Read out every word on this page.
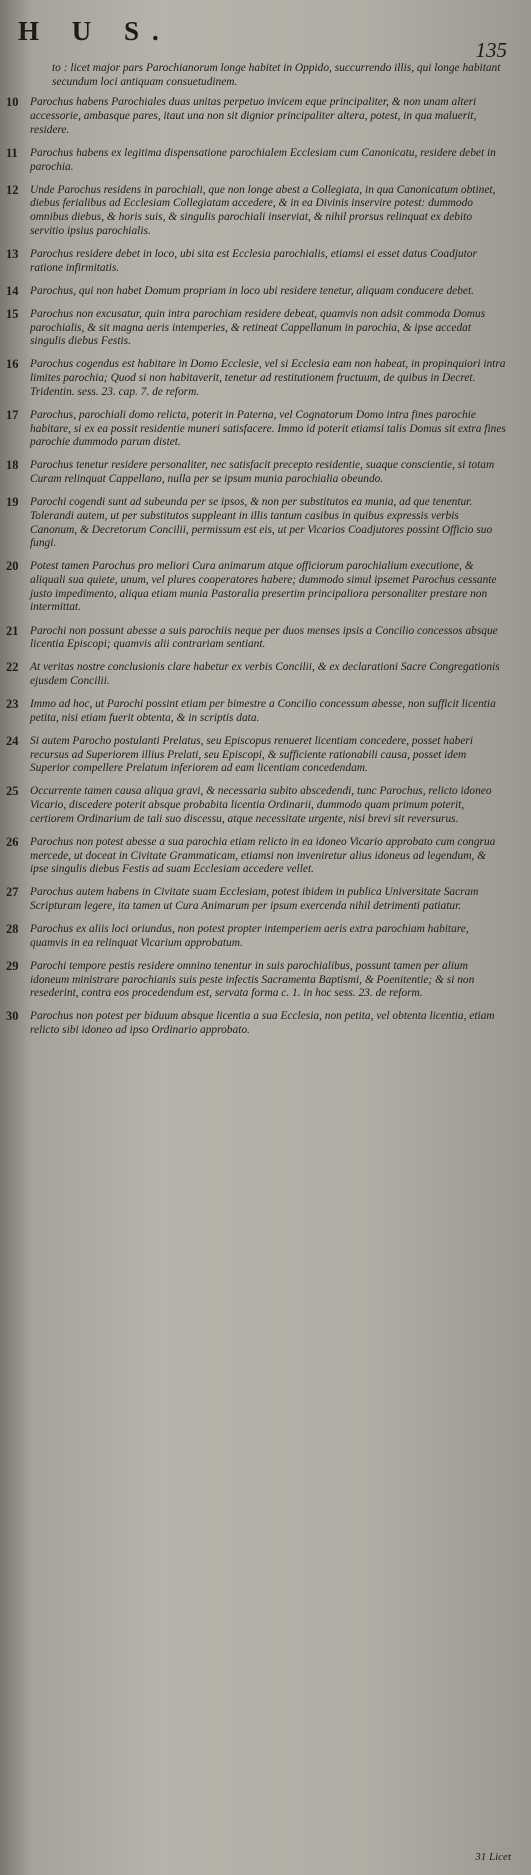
H U S.
135

to : licet major pars Parochianorum longe habitet in Oppido, succurrendo illis, qui longe habitant secundum loci antiquam consuetudinem.

10	Parochus habens Parochiales duas unitas perpetuo invicem eque principaliter, & non unam alteri accessorie, ambasque pares, itaut una non sit dignior principaliter altera, potest, in qua maluerit, residere.
11	Parochus habens ex legitima dispensatione parochialem Ecclesiam cum Canonicatu, residere debet in parochia.
12	Unde Parochus residens in parochiali, que non longe abest a Collegiata, in qua Canonicatum obtinet, diebus ferialibus ad Ecclesiam Collegiatam accedere, & in ea Divinis inservire potest: dummodo omnibus diebus, & horis suis, & singulis parochiali inserviat, & nihil prorsus relinquat ex debito servitio ipsius parochialis.
13	Parochus residere debet in loco, ubi sita est Ecclesia parochialis, etiamsi ei esset datus Coadjutor ratione infirmitatis.
14	Parochus, qui non habet Domum propriam in loco ubi residere tenetur, aliquam conducere debet.
15	Parochus non excusatur, quin intra parochiam residere debeat, quamvis non adsit commoda Domus parochialis, & sit magna aeris intemperies, & retineat Cappellanum in parochia, & ipse accedat singulis diebus Festis.
16	Parochus cogendus est habitare in Domo Ecclesie, vel si Ecclesia eam non habeat, in propinquiori intra limites parochia; Quod si non habitaverit, tenetur ad restitutionem fructuum, de quibus in Decret. Tridentin. sess. 23. cap. 7. de reform.
17	Parochus, parochiali domo relicta, poterit in Paterna, vel Cognatorum Domo intra fines parochie habitare, si ex ea possit residentie muneri satisfacere. Immo id poterit etiamsi talis Domus sit extra fines parochie dummodo parum distet.
18	Parochus tenetur residere personaliter, nec satisfacit precepto residentie, suaque conscientie, si totam Curam relinquat Cappellano, nulla per se ipsum munia parochialia obeundo.
19	Parochi cogendi sunt ad subeunda per se ipsos, & non per substitutos ea munia, ad que tenentur. Tolerandi autem, ut per substitutos suppleant in illis tantum casibus in quibus expressis verbis Canonum, & Decretorum Concilii, permissum est eis, ut per Vicarios Coadjutores possint Officio suo fungi.
20	Potest tamen Parochus pro meliori Cura animarum atque officiorum parochialium executione, & aliquali sua quiete, unum, vel plures cooperatores habere; dummodo simul ipsemet Parochus cessante justo impedimento, aliqua etiam munia Pastoralia presertim principaliora personaliter prestare non intermittat.
21	Parochi non possunt abesse a suis parochiis neque per duos menses ipsis a Concilio concessos absque licentia Episcopi; quamvis alii contrariam sentiant.
22	At veritas nostre conclusionis clare habetur ex verbis Concilii, & ex declarationi Sacre Congregationis ejusdem Concilii.
23	Immo ad hoc, ut Parochi possint etiam per bimestre a Concilio concessum abesse, non sufficit licentia petita, nisi etiam fuerit obtenta, & in scriptis data.
24	Si autem Parocho postulanti Prelatus, seu Episcopus renueret licentiam concedere, posset haberi recursus ad Superiorem illius Prelati, seu Episcopi, & sufficiente rationabili causa, posset idem Superior compellere Prelatum inferiorem ad eam licentiam concedendam.
25	Occurrente tamen causa aliqua gravi, & necessaria subito abscedendi, tunc Parochus, relicto idoneo Vicario, discedere poterit absque probabita licentia Ordinarii, dummodo quam primum poterit, certiorem Ordinarium de tali suo discessu, atque necessitate urgente, nisi brevi sit reversurus.
26	Parochus non potest abesse a sua parochia etiam relicto in ea idoneo Vicario approbato cum congrua mercede, ut doceat in Civitate Grammaticam, etiamsi non inveniretur alius idoneus ad legendum, & ipse singulis diebus Festis ad suam Ecclesiam accedere vellet.
27	Parochus autem habens in Civitate suam Ecclesiam, potest ibidem in publica Universitate Sacram Scripturam legere, ita tamen ut Cura Animarum per ipsum exercenda nihil detrimenti patiatur.
28	Parochus ex aliis loci oriundus, non potest propter intemperiem aeris extra parochiam habitare, quamvis in ea relinquat Vicarium approbatum.
29	Parochi tempore pestis residere omnino tenentur in suis parochialibus, possunt tamen per alium idoneum ministrare parochianis suis peste infectis Sacramenta Baptismi, & Poenitentie; & si non resederint, contra eos procedendum est, servata forma c. 1. in hoc sess. 23. de reform.
30	Parochus non potest per biduum absque licentia a sua Ecclesia, non petita, vel obtenta licentia, etiam relicto sibi idoneo ad ipso Ordinario approbato.
31 Licet
